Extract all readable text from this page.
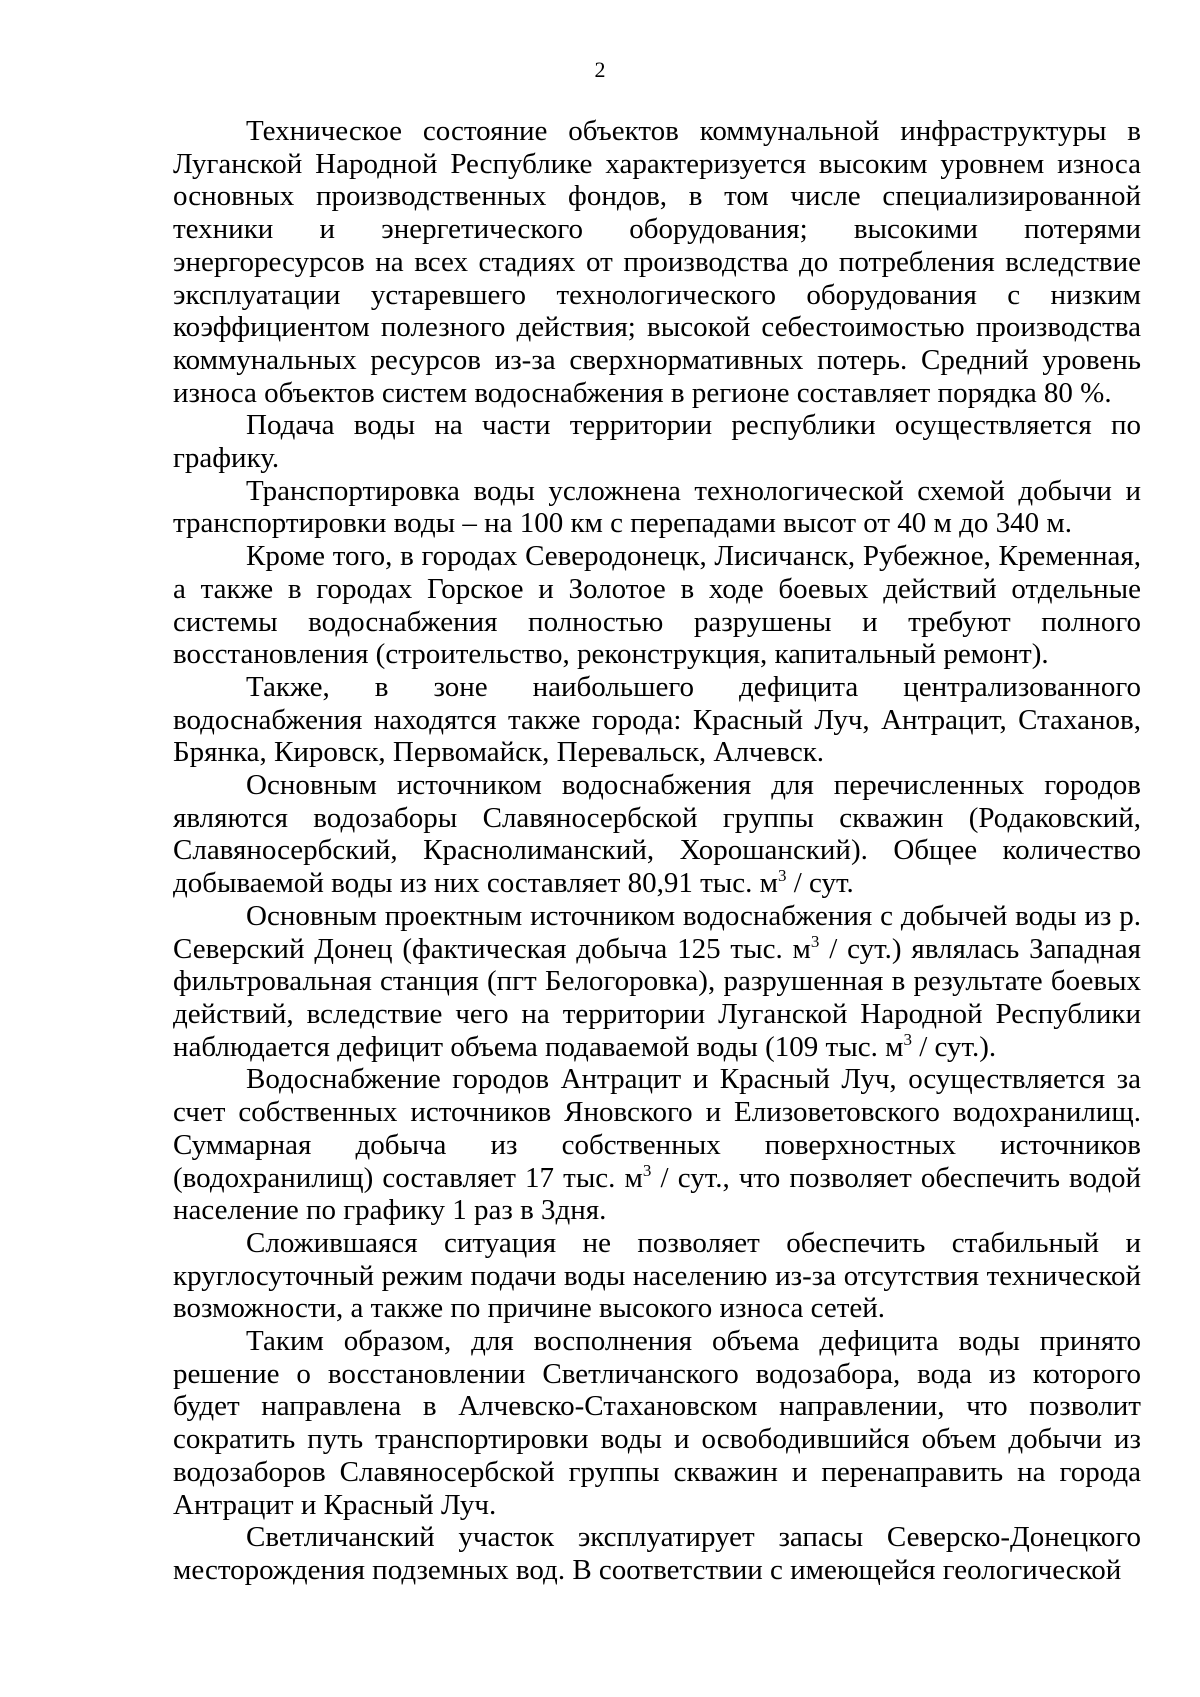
2

Техническое состояние объектов коммунальной инфраструктуры в Луганской Народной Республике характеризуется высоким уровнем износа основных производственных фондов, в том числе специализированной техники и энергетического оборудования; высокими потерями энергоресурсов на всех стадиях от производства до потребления вследствие эксплуатации устаревшего технологического оборудования с низким коэффициентом полезного действия; высокой себестоимостью производства коммунальных ресурсов из-за сверхнормативных потерь. Средний уровень износа объектов систем водоснабжения в регионе составляет порядка 80 %.

Подача воды на части территории республики осуществляется по графику.

Транспортировка воды усложнена технологической схемой добычи и транспортировки воды – на 100 км с перепадами высот от 40 м до 340 м.

Кроме того, в городах Северодонецк, Лисичанск, Рубежное, Кременная, а также в городах Горское и Золотое в ходе боевых действий отдельные системы водоснабжения полностью разрушены и требуют полного восстановления (строительство, реконструкция, капитальный ремонт).

Также, в зоне наибольшего дефицита централизованного водоснабжения находятся также города: Красный Луч, Антрацит, Стаханов, Брянка, Кировск, Первомайск, Перевальск, Алчевск.

Основным источником водоснабжения для перечисленных городов являются водозаборы Славяносербской группы скважин (Родаковский, Славяносербский, Краснолиманский, Хорошанский). Общее количество добываемой воды из них составляет 80,91 тыс. $м^3$ / сут.

Основным проектным источником водоснабжения с добычей воды из р. Северский Донец (фактическая добыча 125 тыс. $м^3 / сут$.) являлась Западная фильтровальная станция (пгт Белогоровка), разрушенная в результате боевых действий, вследствие чего на территории Луганской Народной Республики наблюдается дефицит объема подаваемой воды (109 тыс. $м^3 / сут$.).

Водоснабжение городов Антрацит и Красный Луч, осуществляется за счет собственных источников Яновского и Елизоветовского водохранилищ. Суммарная добыча из собственных поверхностных источников (водохранилищ) составляет 17 тыс. $м^3$ / сут., что позволяет обеспечить водой население по графику 1 раз в 3дня.

Сложившаяся ситуация не позволяет обеспечить стабильный и круглосуточный режим подачи воды населению из-за отсутствия технической возможности, а также по причине высокого износа сетей.

Таким образом, для восполнения объема дефицита воды принято решение о восстановлении Светличанского водозабора, вода из которого будет направлена в Алчевско-Стахановском направлении, что позволит сократить путь транспортировки воды и освободившийся объем добычи из водозаборов Славяносербской группы скважин и перенаправить на города Антрацит и Красный Луч.

Светличанский участок эксплуатирует запасы Северско-Донецкого месторождения подземных вод. В соответствии с имеющейся геологической
